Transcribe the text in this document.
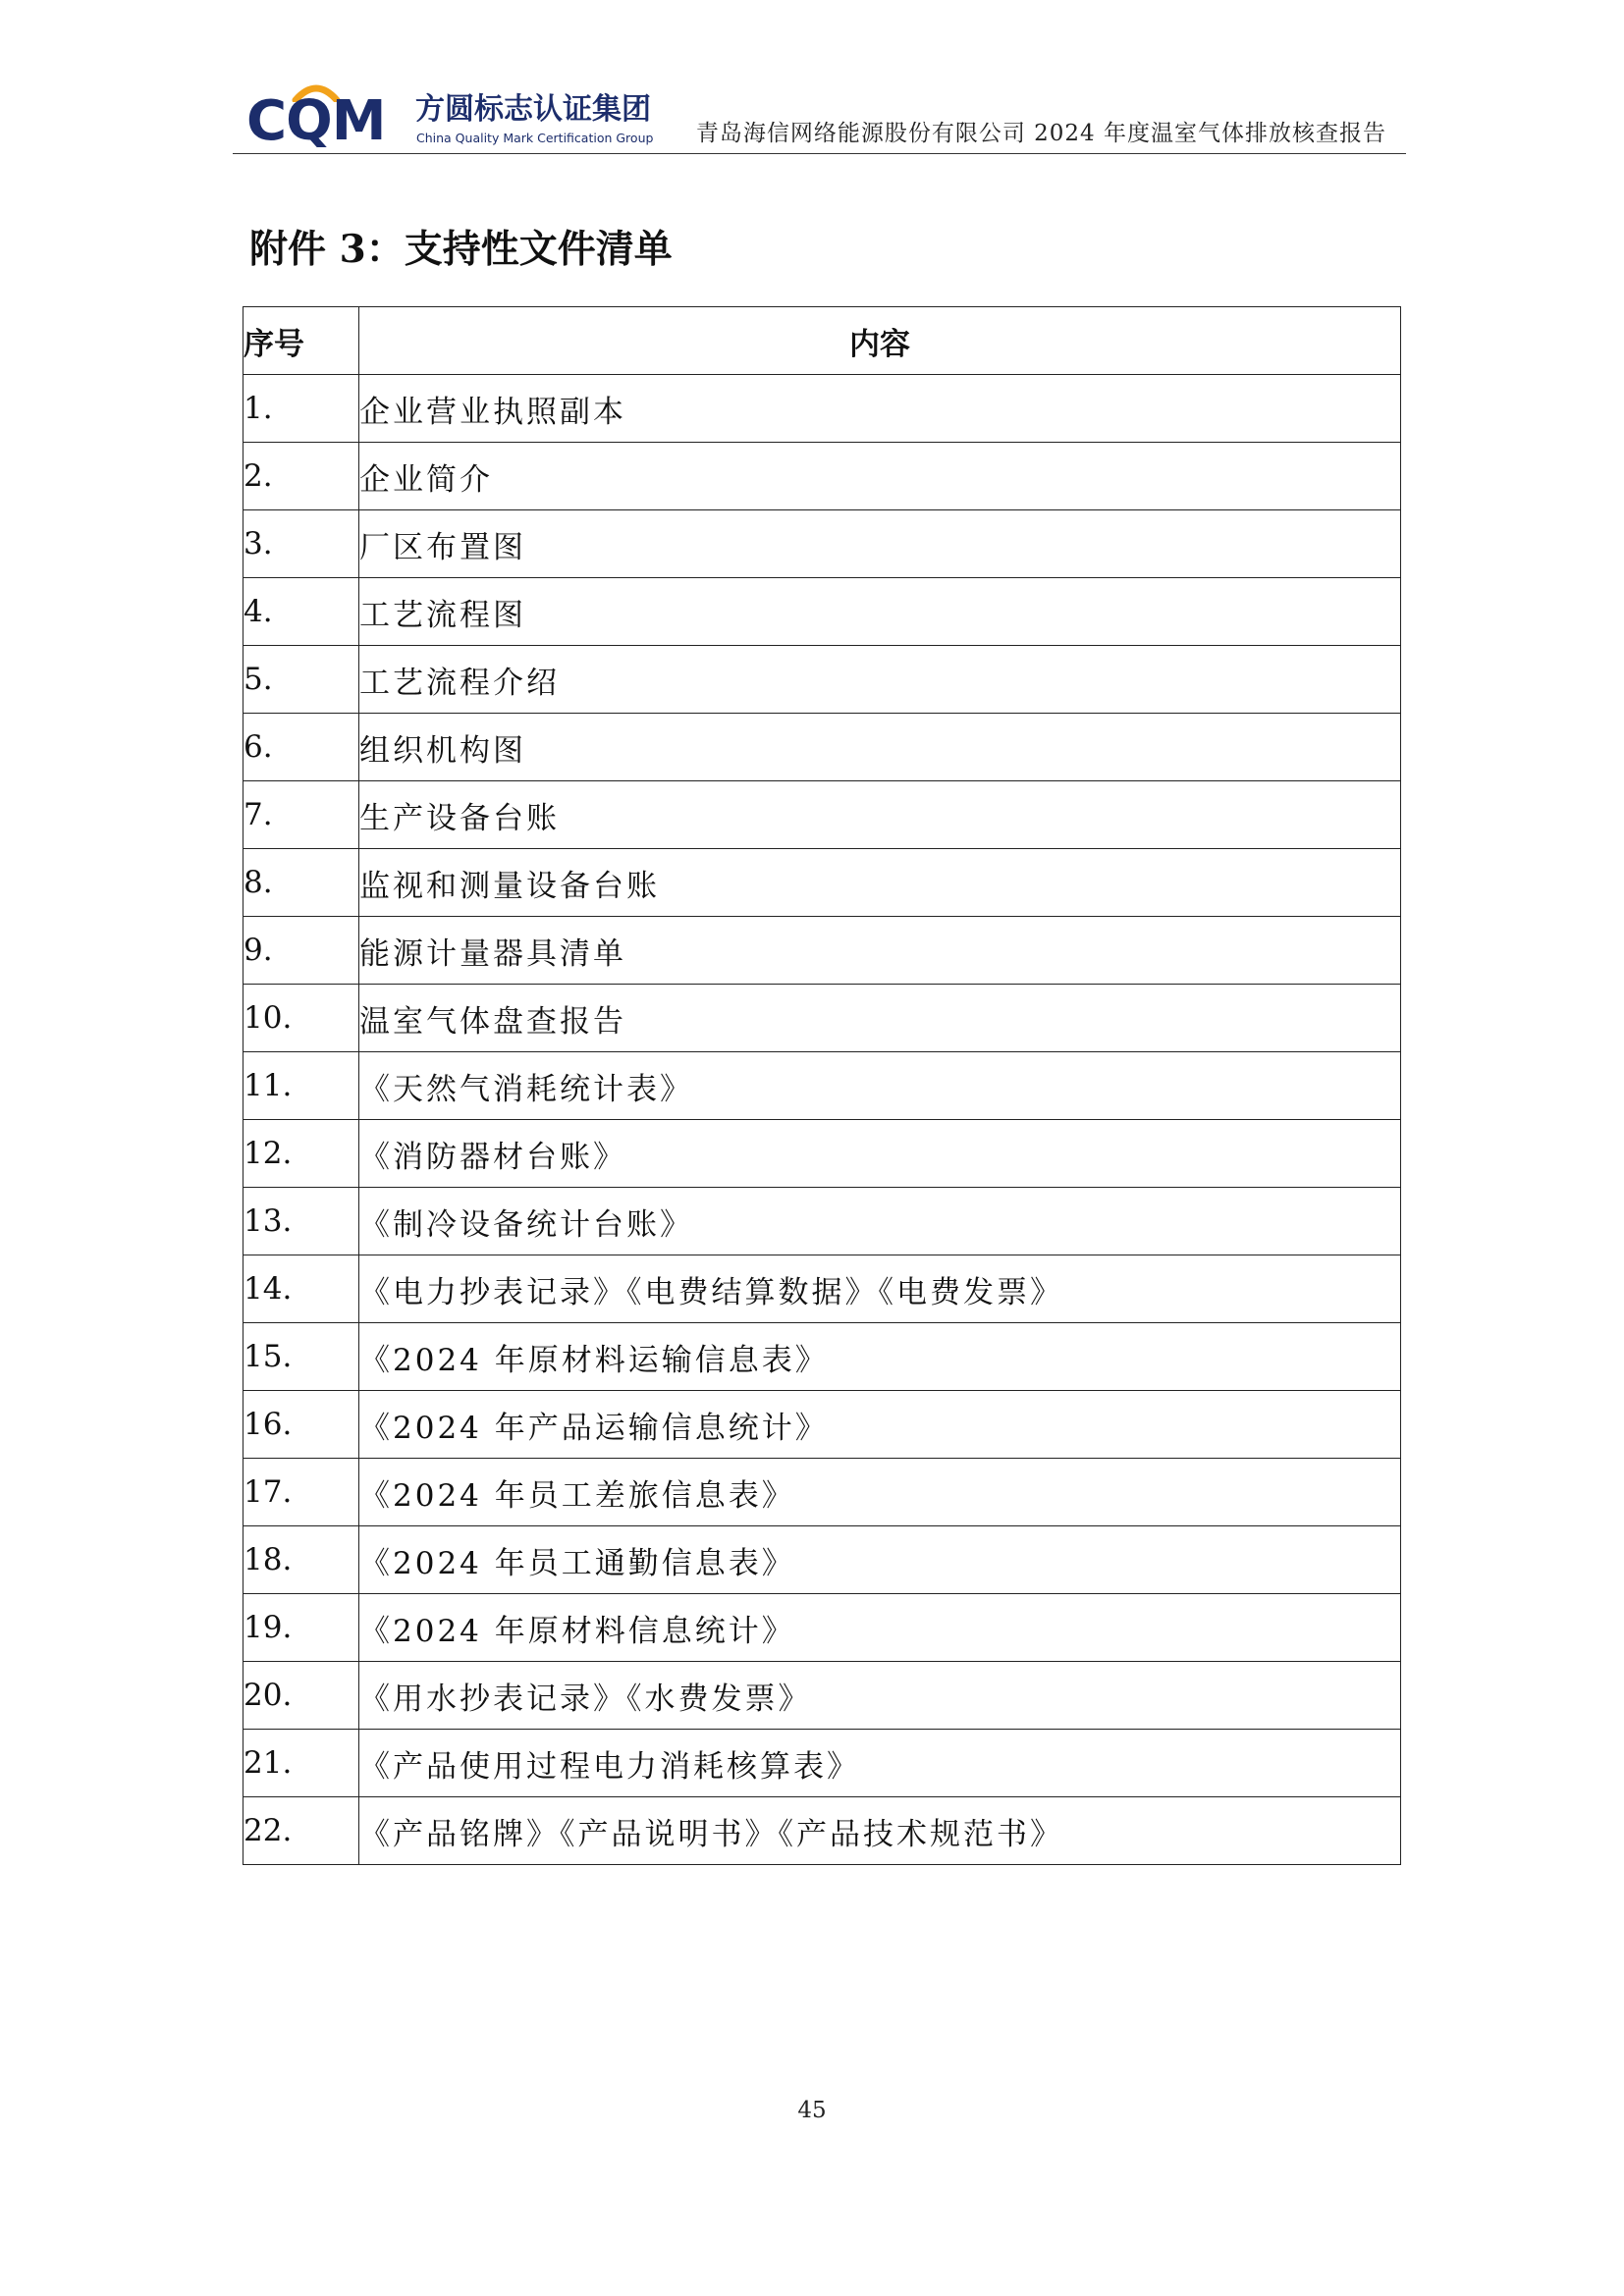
CQM 方圆标志认证集团
China Quality Mark Certification Group 青岛海信网络能源股份有限公司 2024 年度温室气体排放核查报告
附件 3：支持性文件清单
序号	内容
1.	企业营业执照副本
2.	企业简介
3.	厂区布置图
4.	工艺流程图
5.	工艺流程介绍
6.	组织机构图
7.	生产设备台账
8.	监视和测量设备台账
9.	能源计量器具清单
10.	温室气体盘查报告
11.	《天然气消耗统计表》
12.	《消防器材台账》
13.	《制冷设备统计台账》
14.	《电力抄表记录》《电费结算数据》《电费发票》
15.	《2024 年原材料运输信息表》
16.	《2024 年产品运输信息统计》
17.	《2024 年员工差旅信息表》
18.	《2024 年员工通勤信息表》
19.	《2024 年原材料信息统计》
20.	《用水抄表记录》《水费发票》
21.	《产品使用过程电力消耗核算表》
22.	《产品铭牌》《产品说明书》《产品技术规范书》
45
